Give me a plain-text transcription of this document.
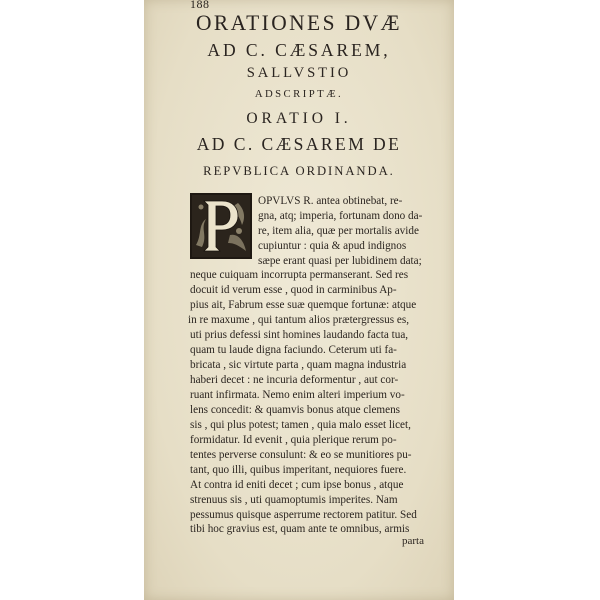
188
ORATIONES DVÆ
AD C. CÆSAREM,
SALLVSTIO
ADSCRIPTÆ.
ORATIO I.
AD C. CÆSAREM DE
REPVBLICA ORDINANDA.
OPVLVS R. antea obtinebat, re-
gna, atq; imperia, fortunam dono da-
re, item alia, quæ per mortalis avide
cupiuntur : quia & apud indignos
sæpe erant quasi per lubidinem data;
neque cuiquam incorrupta permanserant. Sed res
docuit id verum esse , quod in carminibus Ap-
pius ait, Fabrum esse suæ quemque fortunæ: atque
in re maxume , qui tantum alios prætergressus es,
uti prius defessi sint homines laudando facta tua,
quam tu laude digna faciundo. Ceterum uti fa-
bricata , sic virtute parta , quam magna industria
haberi decet : ne incuria deformentur , aut cor-
ruant infirmata. Nemo enim alteri imperium vo-
lens concedit: & quamvis bonus atque clemens
sis , qui plus potest; tamen , quia malo esset licet,
formidatur. Id evenit , quia plerique rerum po-
tentes perverse consulunt: & eo se munitiores pu-
tant, quo illi, quibus imperitant, nequiores fuere.
At contra id eniti decet ; cum ipse bonus , atque
strenuus sis , uti quamoptumis imperites. Nam
pessumus quisque asperrume rectorem patitur. Sed
tibi hoc gravius est, quam ante te omnibus, armis
parta
